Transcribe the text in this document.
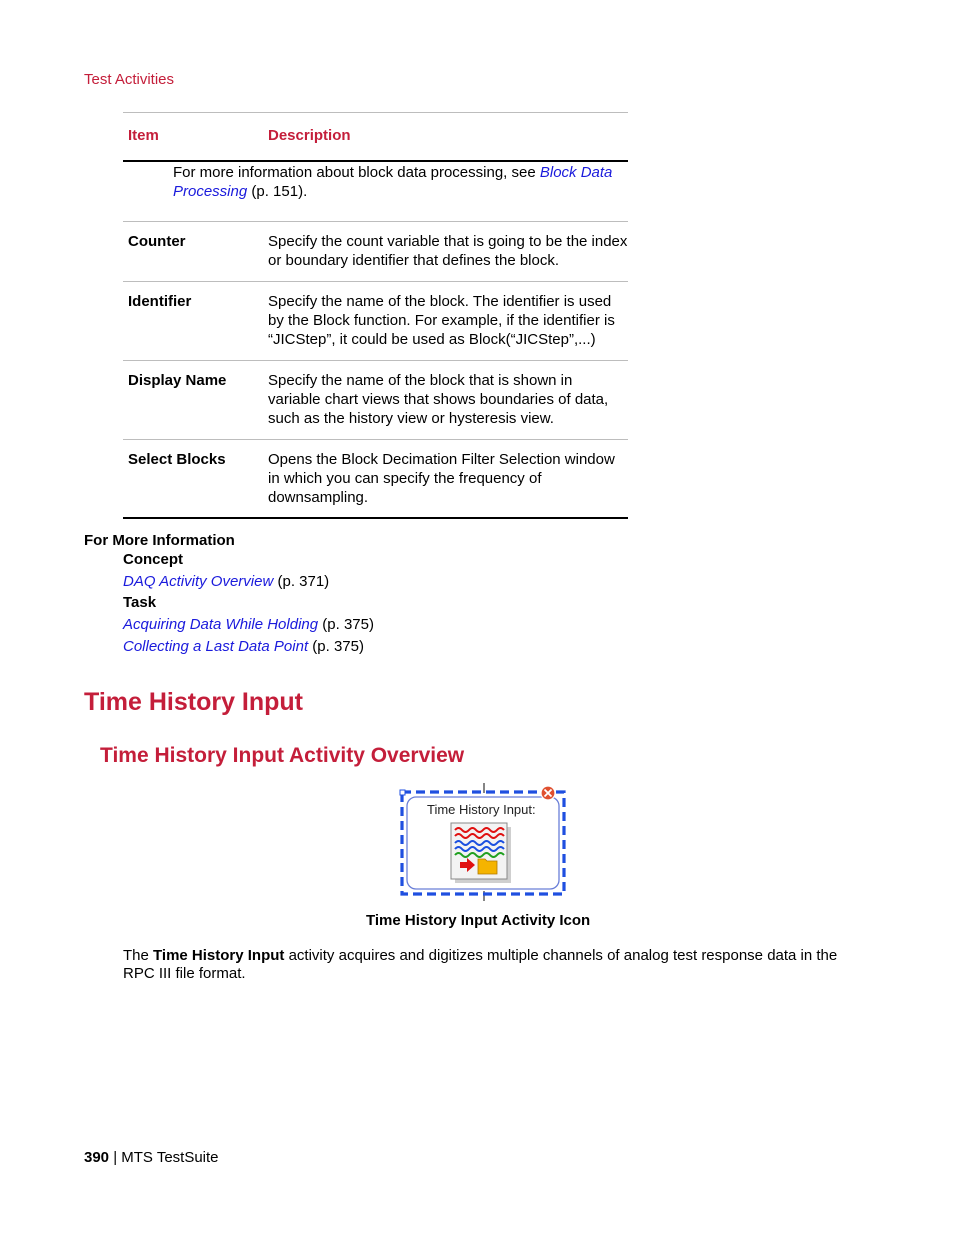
Test Activities
Item	Description
For more information about block data processing, see Block Data Processing (p. 151).
Counter	Specify the count variable that is going to be the index or boundary identifier that defines the block.
Identifier	Specify the name of the block. The identifier is used by the Block function. For example, if the identifier is “JICStep”, it could be used as Block(“JICStep”,...)
Display Name	Specify the name of the block that is shown in variable chart views that shows boundaries of data, such as the history view or hysteresis view.
Select Blocks	Opens the Block Decimation Filter Selection window in which you can specify the frequency of downsampling.
For More Information
Concept
DAQ Activity Overview (p. 371)
Task
Acquiring Data While Holding (p. 375)
Collecting a Last Data Point (p. 375)
Time History Input
Time History Input Activity Overview
Time History Input:
Time History Input Activity Icon
The Time History Input activity acquires and digitizes multiple channels of analog test response data in the RPC III file format.
390 | MTS TestSuite
